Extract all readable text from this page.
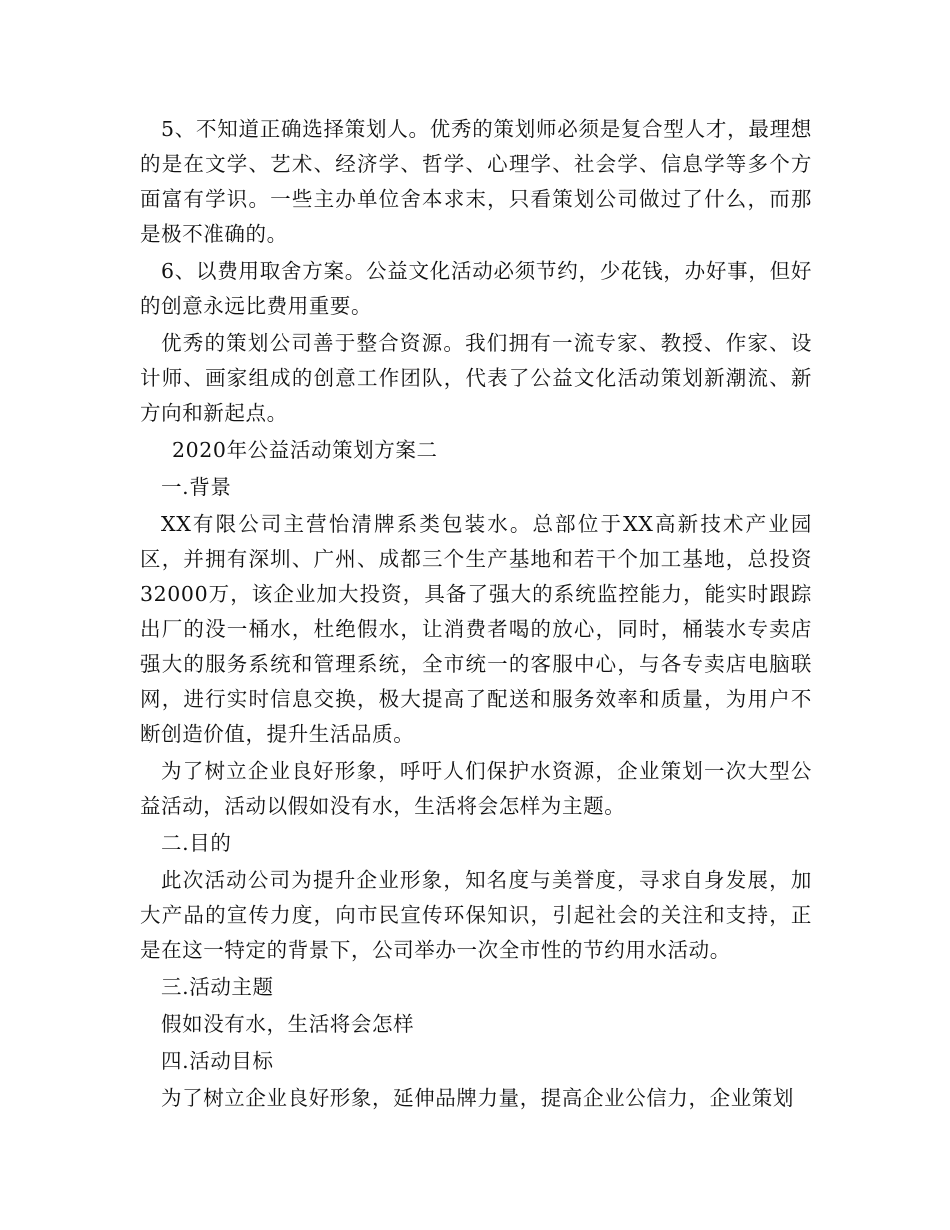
5、不知道正确选择策划人。优秀的策划师必须是复合型人才，最理想的是在文学、艺术、经济学、哲学、心理学、社会学、信息学等多个方面富有学识。一些主办单位舍本求末，只看策划公司做过了什么，而那是极不准确的。

6、以费用取舍方案。公益文化活动必须节约，少花钱，办好事，但好的创意永远比费用重要。

优秀的策划公司善于整合资源。我们拥有一流专家、教授、作家、设计师、画家组成的创意工作团队，代表了公益文化活动策划新潮流、新方向和新起点。

2020年公益活动策划方案二

一.背景

XX有限公司主营怡清牌系类包装水。总部位于XX高新技术产业园区，并拥有深圳、广州、成都三个生产基地和若干个加工基地，总投资32000万，该企业加大投资，具备了强大的系统监控能力，能实时跟踪出厂的没一桶水，杜绝假水，让消费者喝的放心，同时，桶装水专卖店强大的服务系统和管理系统，全市统一的客服中心，与各专卖店电脑联网，进行实时信息交换，极大提高了配送和服务效率和质量，为用户不断创造价值，提升生活品质。

为了树立企业良好形象，呼吁人们保护水资源，企业策划一次大型公益活动，活动以假如没有水，生活将会怎样为主题。

二.目的

此次活动公司为提升企业形象，知名度与美誉度，寻求自身发展，加大产品的宣传力度，向市民宣传环保知识，引起社会的关注和支持，正是在这一特定的背景下，公司举办一次全市性的节约用水活动。

三.活动主题

假如没有水，生活将会怎样

四.活动目标

为了树立企业良好形象，延伸品牌力量，提高企业公信力，企业策划
